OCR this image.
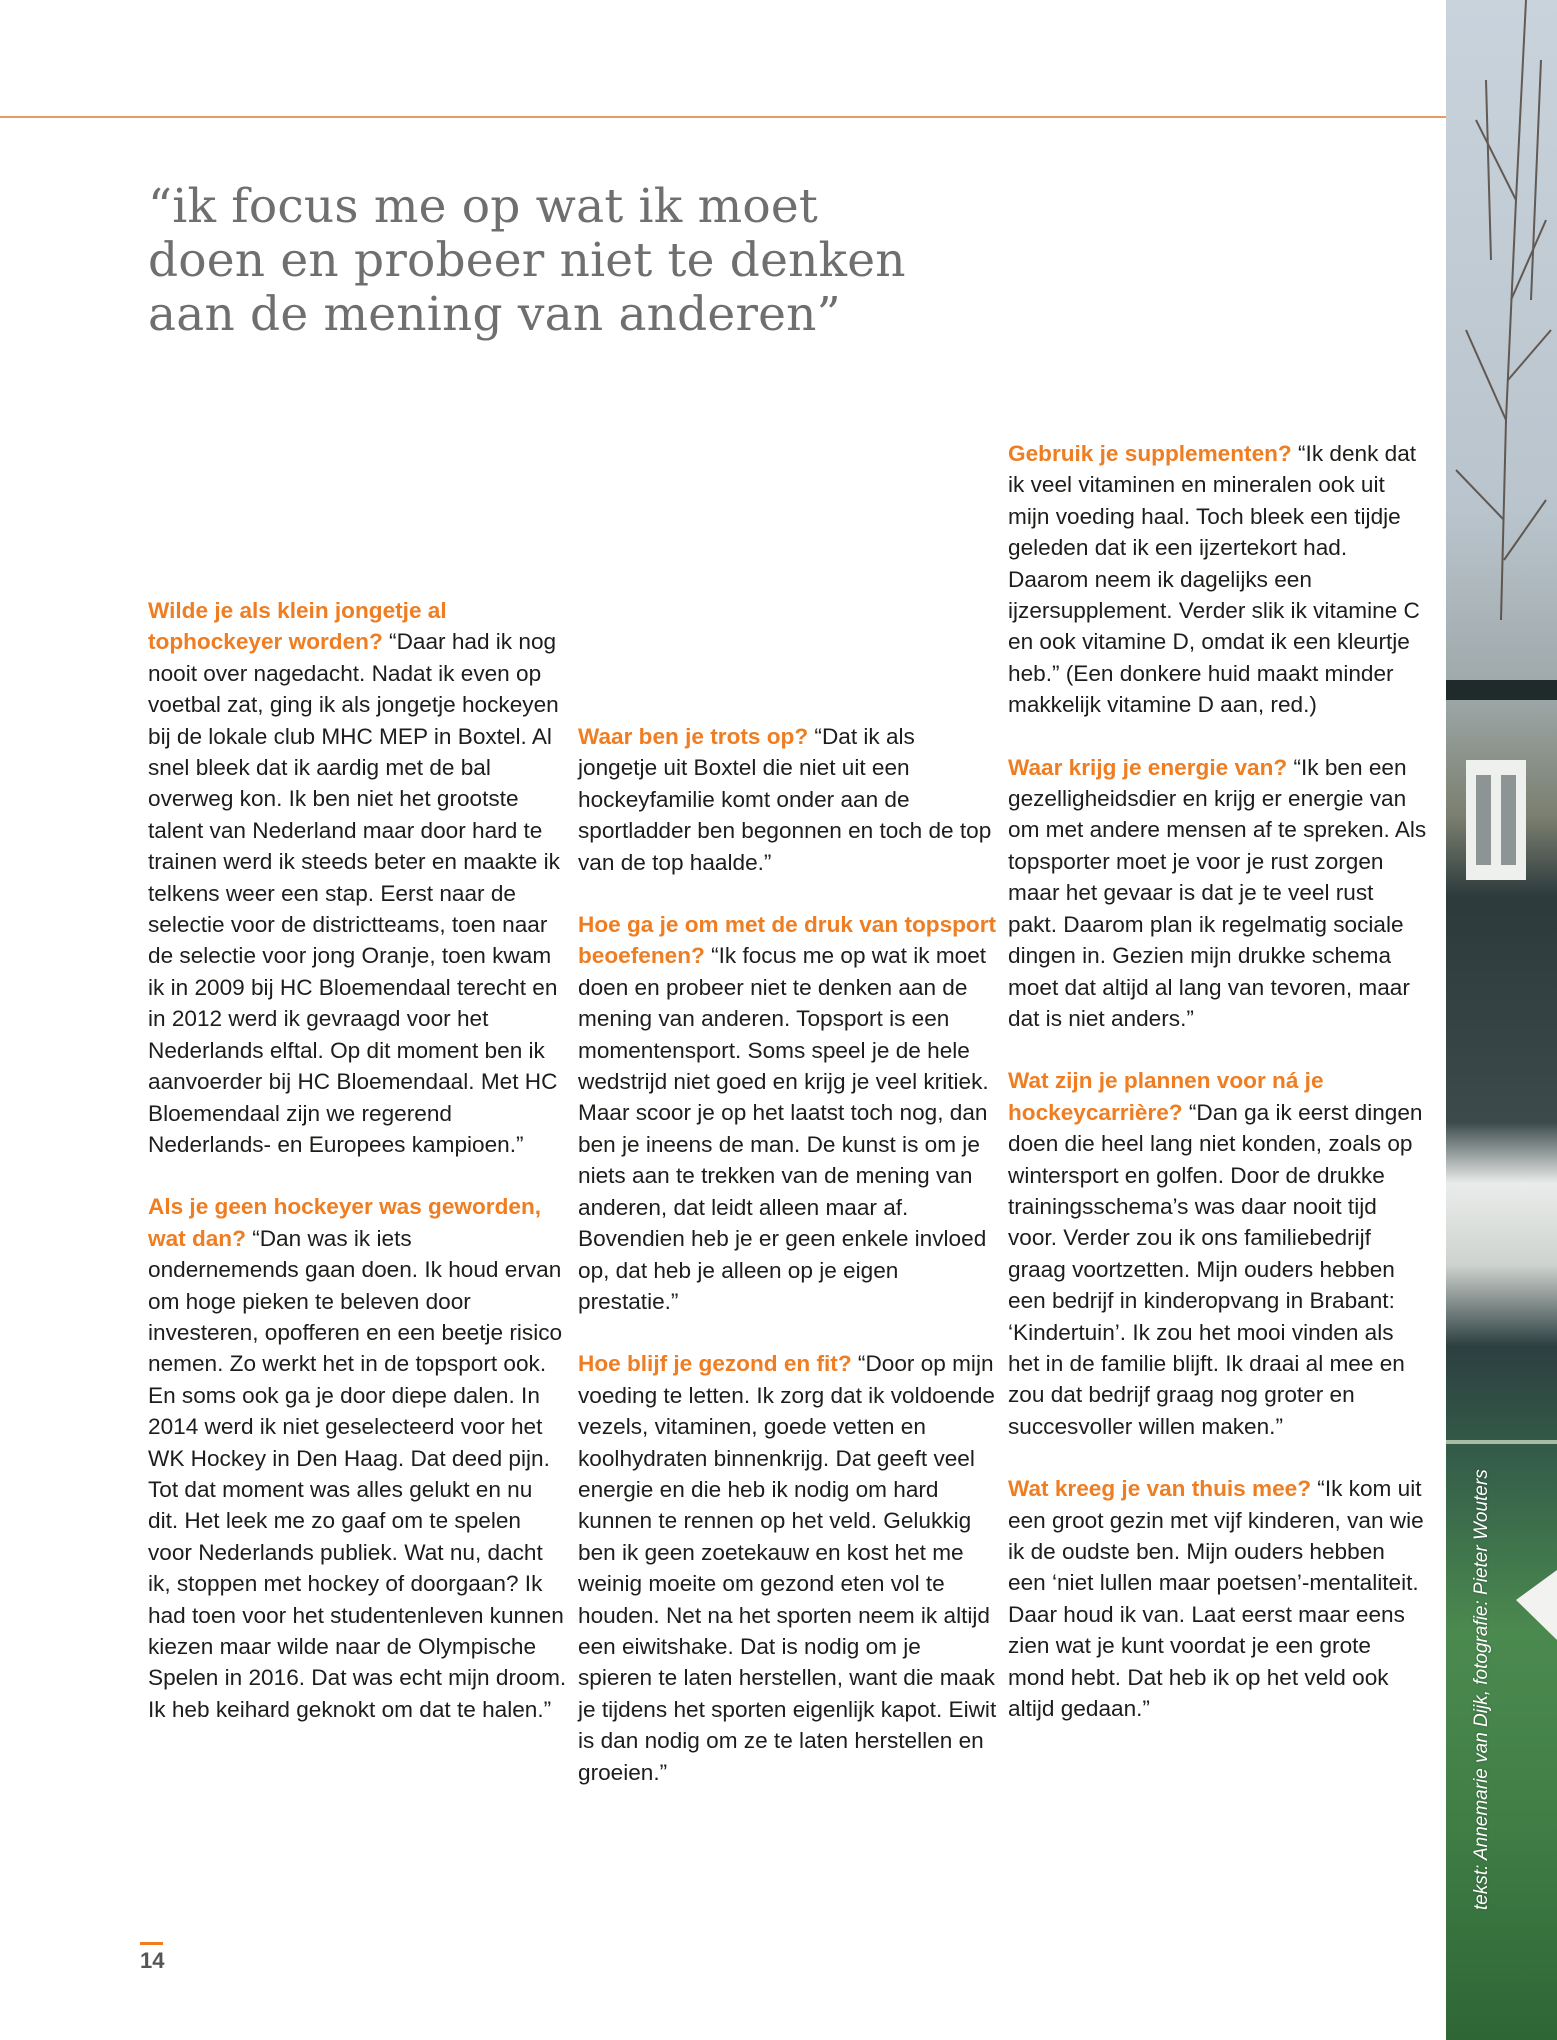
“ik focus me op wat ik moet
doen en probeer niet te denken
aan de mening van anderen”

Wilde je als klein jongetje al tophockeyer worden? “Daar had ik nog nooit over nagedacht. Nadat ik even op voetbal zat, ging ik als jongetje hockeyen bij de lokale club MHC MEP in Boxtel. Al snel bleek dat ik aardig met de bal overweg kon. Ik ben niet het grootste talent van Nederland maar door hard te trainen werd ik steeds beter en maakte ik telkens weer een stap. Eerst naar de selectie voor de districtteams, toen naar de selectie voor jong Oranje, toen kwam ik in 2009 bij HC Bloemendaal terecht en in 2012 werd ik gevraagd voor het Nederlands elftal. Op dit moment ben ik aanvoerder bij HC Bloemendaal. Met HC Bloemendaal zijn we regerend Nederlands- en Europees kampioen.”

Als je geen hockeyer was geworden, wat dan? “Dan was ik iets ondernemends gaan doen. Ik houd ervan om hoge pieken te beleven door investeren, opofferen en een beetje risico nemen. Zo werkt het in de topsport ook. En soms ook ga je door diepe dalen. In 2014 werd ik niet geselecteerd voor het WK Hockey in Den Haag. Dat deed pijn. Tot dat moment was alles gelukt en nu dit. Het leek me zo gaaf om te spelen voor Nederlands publiek. Wat nu, dacht ik, stoppen met hockey of doorgaan? Ik had toen voor het studentenleven kunnen kiezen maar wilde naar de Olympische Spelen in 2016. Dat was echt mijn droom. Ik heb keihard geknokt om dat te halen.”

Waar ben je trots op? “Dat ik als jongetje uit Boxtel die niet uit een hockeyfamilie komt onder aan de sportladder ben begonnen en toch de top van de top haalde.”

Hoe ga je om met de druk van topsport beoefenen? “Ik focus me op wat ik moet doen en probeer niet te denken aan de mening van anderen. Topsport is een momentensport. Soms speel je de hele wedstrijd niet goed en krijg je veel kritiek. Maar scoor je op het laatst toch nog, dan ben je ineens de man. De kunst is om je niets aan te trekken van de mening van anderen, dat leidt alleen maar af. Bovendien heb je er geen enkele invloed op, dat heb je alleen op je eigen prestatie.”

Hoe blijf je gezond en fit? “Door op mijn voeding te letten. Ik zorg dat ik voldoende vezels, vitaminen, goede vetten en koolhydraten binnenkrijg. Dat geeft veel energie en die heb ik nodig om hard kunnen te rennen op het veld. Gelukkig ben ik geen zoetekauw en kost het me weinig moeite om gezond eten vol te houden. Net na het sporten neem ik altijd een eiwitshake. Dat is nodig om je spieren te laten herstellen, want die maak je tijdens het sporten eigenlijk kapot. Eiwit is dan nodig om ze te laten herstellen en groeien.”

Gebruik je supplementen? “Ik denk dat ik veel vitaminen en mineralen ook uit mijn voeding haal. Toch bleek een tijdje geleden dat ik een ijzertekort had. Daarom neem ik dagelijks een ijzersupplement. Verder slik ik vitamine C en ook vitamine D, omdat ik een kleurtje heb.” (Een donkere huid maakt minder makkelijk vitamine D aan, red.)

Waar krijg je energie van? “Ik ben een gezelligheidsdier en krijg er energie van om met andere mensen af te spreken. Als topsporter moet je voor je rust zorgen maar het gevaar is dat je te veel rust pakt. Daarom plan ik regelmatig sociale dingen in. Gezien mijn drukke schema moet dat altijd al lang van tevoren, maar dat is niet anders.”

Wat zijn je plannen voor ná je hockeycarrière? “Dan ga ik eerst dingen doen die heel lang niet konden, zoals op wintersport en golfen. Door de drukke trainingsschema’s was daar nooit tijd voor. Verder zou ik ons familiebedrijf graag voortzetten. Mijn ouders hebben een bedrijf in kinderopvang in Brabant: ‘Kindertuin’. Ik zou het mooi vinden als het in de familie blijft. Ik draai al mee en zou dat bedrijf graag nog groter en succesvoller willen maken.”

Wat kreeg je van thuis mee? “Ik kom uit een groot gezin met vijf kinderen, van wie ik de oudste ben. Mijn ouders hebben een ‘niet lullen maar poetsen’-mentaliteit. Daar houd ik van. Laat eerst maar eens zien wat je kunt voordat je een grote mond hebt. Dat heb ik op het veld ook altijd gedaan.”

14
tekst: Annemarie van Dijk, fotografie: Pieter Wouters
